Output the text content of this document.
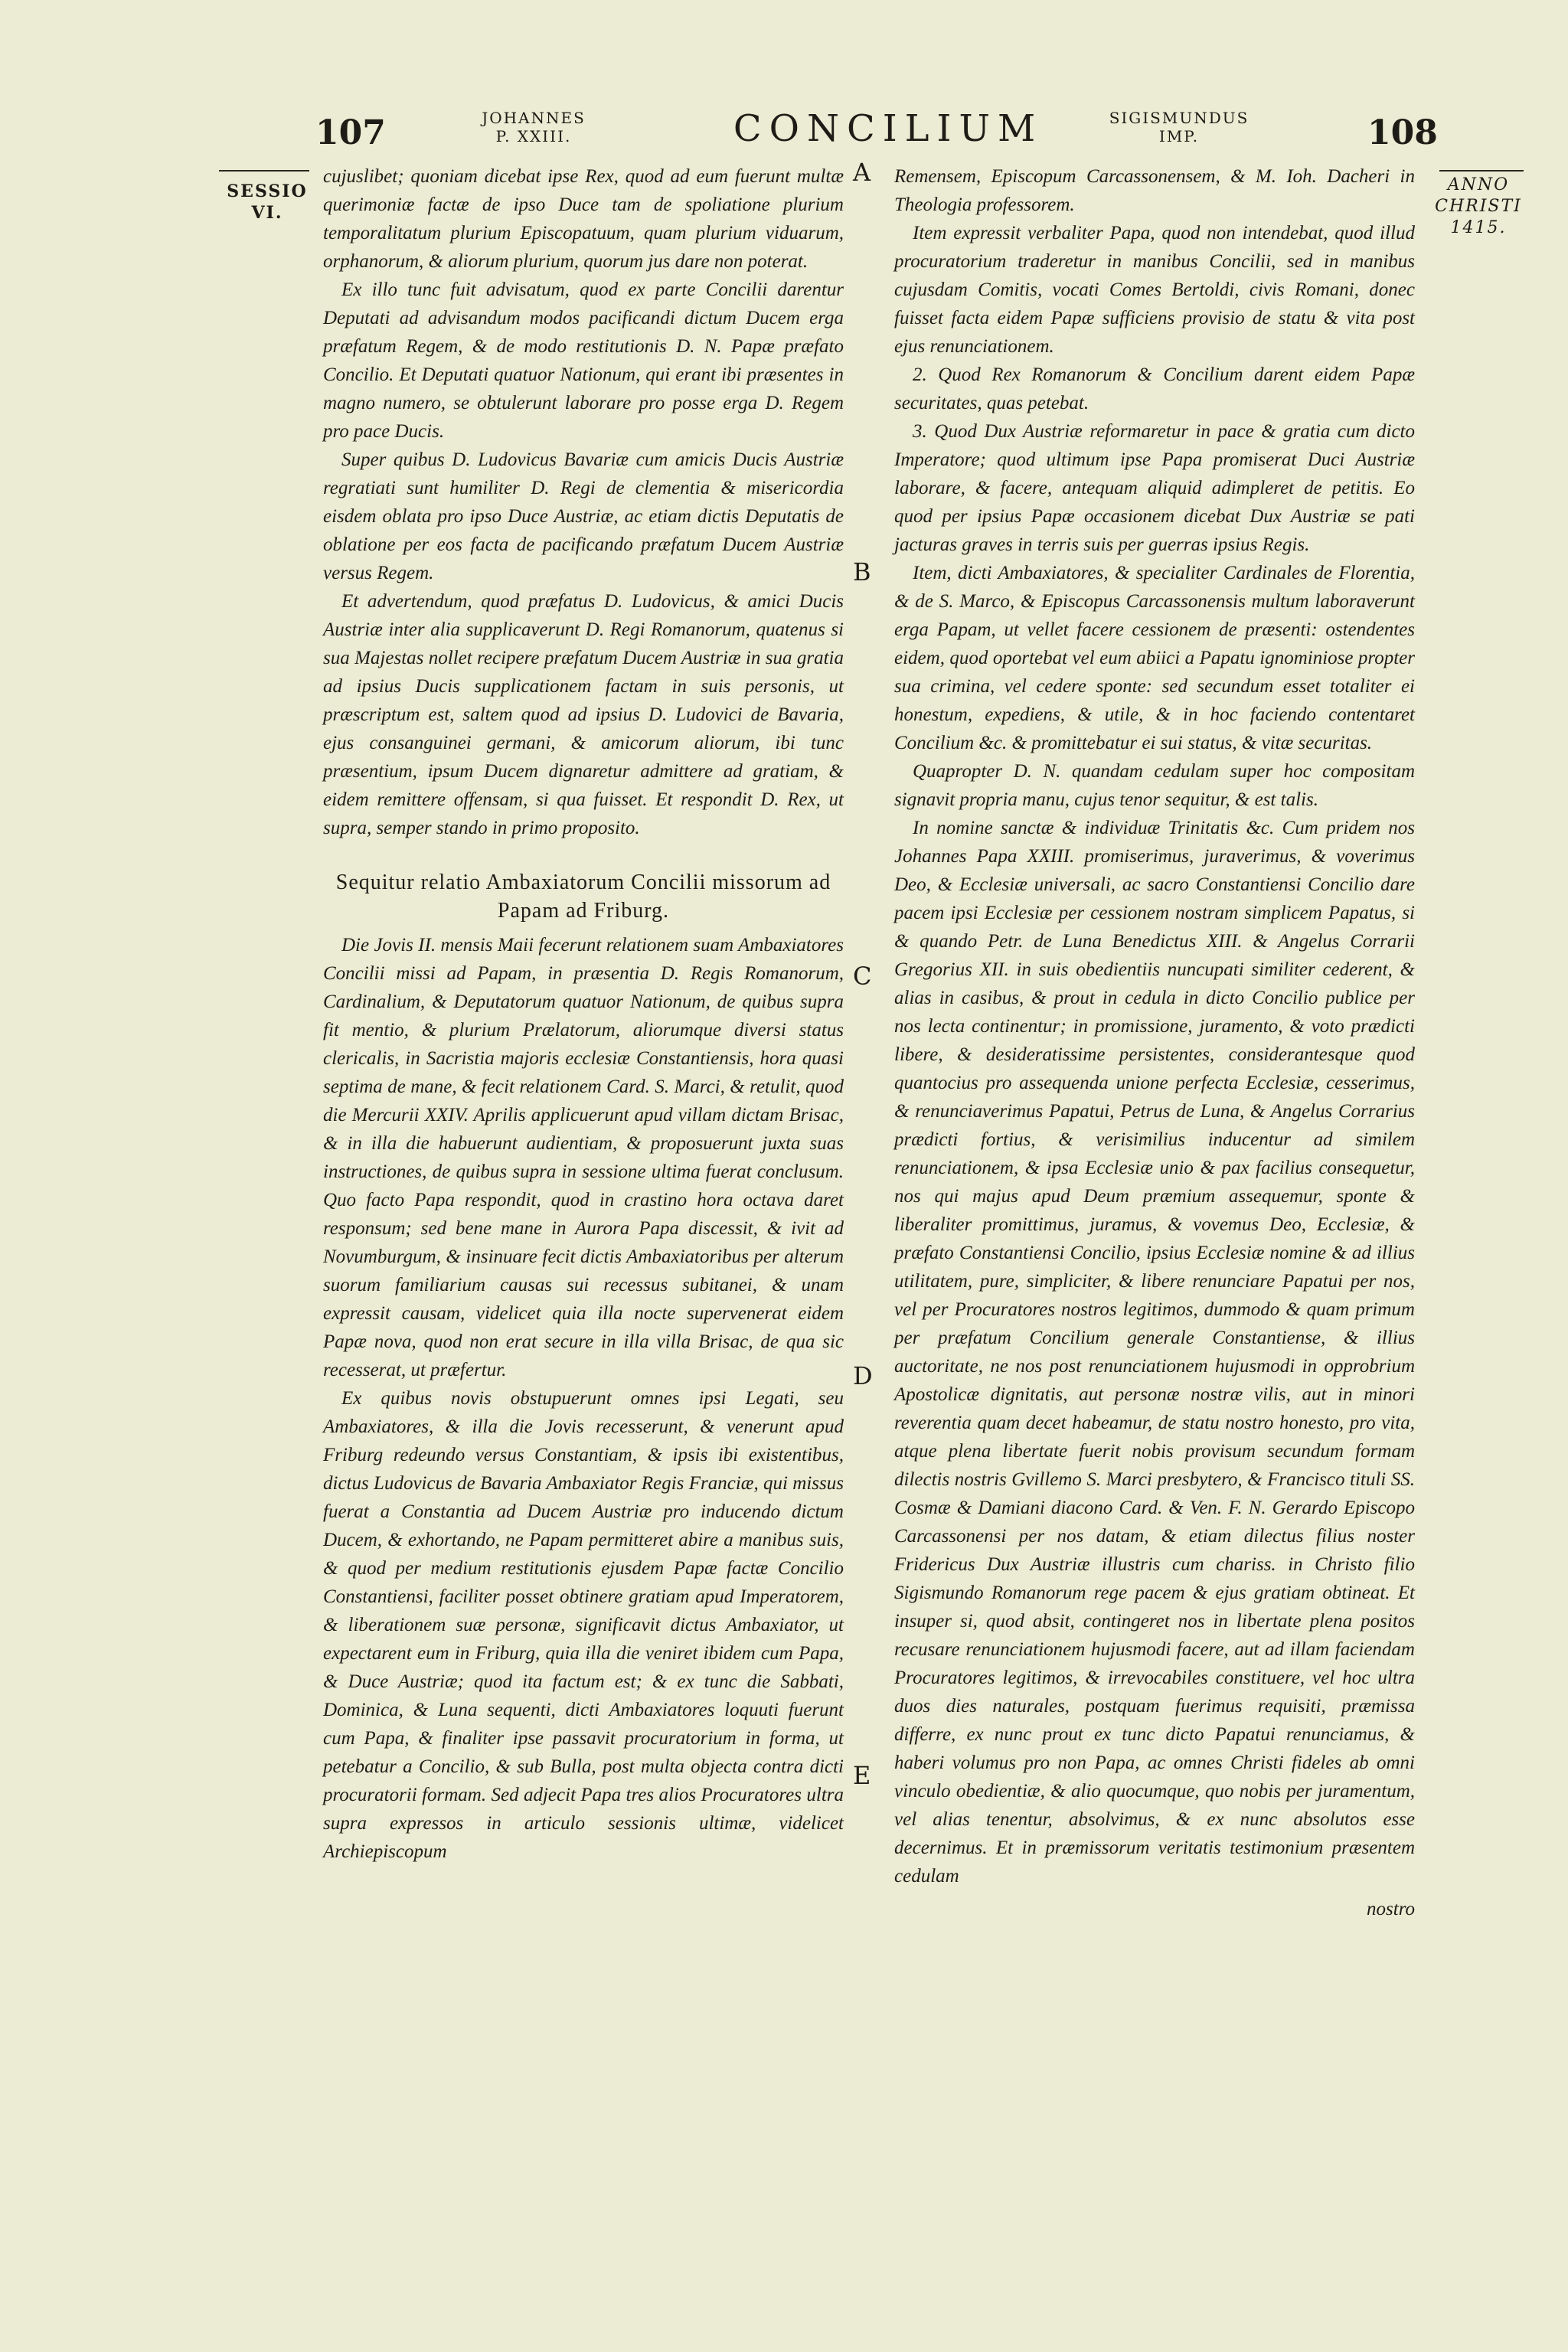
107	JOHANNES
P. XXIII.	CONCILIUM	SIGISMUNDUS
IMP.	108
SESSIO
VI.
ANNO
CHRISTI
1415.
A
B
C
D
E

cujuslibet; quoniam dicebat ipse Rex, quod ad eum fuerunt multæ querimoniæ factæ de ipso Duce tam de spoliatione plurium temporalitatum plurium Episcopatuum, quam plurium viduarum, orphanorum, & aliorum plurium, quorum jus dare non poterat.

Ex illo tunc fuit advisatum, quod ex parte Concilii darentur Deputati ad advisandum modos pacificandi dictum Ducem erga præfatum Regem, & de modo restitutionis D. N. Papæ præfato Concilio. Et Deputati quatuor Nationum, qui erant ibi præsentes in magno numero, se obtulerunt laborare pro posse erga D. Regem pro pace Ducis.

Super quibus D. Ludovicus Bavariæ cum amicis Ducis Austriæ regratiati sunt humiliter D. Regi de clementia & misericordia eisdem oblata pro ipso Duce Austriæ, ac etiam dictis Deputatis de oblatione per eos facta de pacificando præfatum Ducem Austriæ versus Regem.

Et advertendum, quod præfatus D. Ludovicus, & amici Ducis Austriæ inter alia supplicaverunt D. Regi Romanorum, quatenus si sua Majestas nollet recipere præfatum Ducem Austriæ in sua gratia ad ipsius Ducis supplicationem factam in suis personis, ut præscriptum est, saltem quod ad ipsius D. Ludovici de Bavaria, ejus consanguinei germani, & amicorum aliorum, ibi tunc præsentium, ipsum Ducem dignaretur admittere ad gratiam, & eidem remittere offensam, si qua fuisset. Et respondit D. Rex, ut supra, semper stando in primo proposito.

Sequitur relatio Ambaxiatorum Concilii missorum ad Papam ad Friburg.

Die Jovis II. mensis Maii fecerunt relationem suam Ambaxiatores Concilii missi ad Papam, in præsentia D. Regis Romanorum, Cardinalium, & Deputatorum quatuor Nationum, de quibus supra fit mentio, & plurium Prælatorum, aliorumque diversi status clericalis, in Sacristia majoris ecclesiæ Constantiensis, hora quasi septima de mane, & fecit relationem Card. S. Marci, & retulit, quod die Mercurii XXIV. Aprilis applicuerunt apud villam dictam Brisac, & in illa die habuerunt audientiam, & proposuerunt juxta suas instructiones, de quibus supra in sessione ultima fuerat conclusum. Quo facto Papa respondit, quod in crastino hora octava daret responsum; sed bene mane in Aurora Papa discessit, & ivit ad Novumburgum, & insinuare fecit dictis Ambaxiatoribus per alterum suorum familiarium causas sui recessus subitanei, & unam expressit causam, videlicet quia illa nocte supervenerat eidem Papæ nova, quod non erat secure in illa villa Brisac, de qua sic recesserat, ut præfertur.

Ex quibus novis obstupuerunt omnes ipsi Legati, seu Ambaxiatores, & illa die Jovis recesserunt, & venerunt apud Friburg redeundo versus Constantiam, & ipsis ibi existentibus, dictus Ludovicus de Bavaria Ambaxiator Regis Franciæ, qui missus fuerat a Constantia ad Ducem Austriæ pro inducendo dictum Ducem, & exhortando, ne Papam permitteret abire a manibus suis, & quod per medium restitutionis ejusdem Papæ factæ Concilio Constantiensi, faciliter posset obtinere gratiam apud Imperatorem, & liberationem suæ personæ, significavit dictus Ambaxiator, ut expectarent eum in Friburg, quia illa die veniret ibidem cum Papa, & Duce Austriæ; quod ita factum est; & ex tunc die Sabbati, Dominica, & Luna sequenti, dicti Ambaxiatores loquuti fuerunt cum Papa, & finaliter ipse passavit procuratorium in forma, ut petebatur a Concilio, & sub Bulla, post multa objecta contra dicti procuratorii formam. Sed adjecit Papa tres alios Procuratores ultra supra expressos in articulo sessionis ultimæ, videlicet Archiepiscopum

Remensem, Episcopum Carcassonensem, & M. Ioh. Dacheri in Theologia professorem.

Item expressit verbaliter Papa, quod non intendebat, quod illud procuratorium traderetur in manibus Concilii, sed in manibus cujusdam Comitis, vocati Comes Bertoldi, civis Romani, donec fuisset facta eidem Papæ sufficiens provisio de statu & vita post ejus renunciationem.

2. Quod Rex Romanorum & Concilium darent eidem Papæ securitates, quas petebat.

3. Quod Dux Austriæ reformaretur in pace & gratia cum dicto Imperatore; quod ultimum ipse Papa promiserat Duci Austriæ laborare, & facere, antequam aliquid adimpleret de petitis. Eo quod per ipsius Papæ occasionem dicebat Dux Austriæ se pati jacturas graves in terris suis per guerras ipsius Regis.

Item, dicti Ambaxiatores, & specialiter Cardinales de Florentia, & de S. Marco, & Episcopus Carcassonensis multum laboraverunt erga Papam, ut vellet facere cessionem de præsenti: ostendentes eidem, quod oportebat vel eum abiici a Papatu ignominiose propter sua crimina, vel cedere sponte: sed secundum esset totaliter ei honestum, expediens, & utile, & in hoc faciendo contentaret Concilium &c. & promittebatur ei sui status, & vitæ securitas.

Quapropter D. N. quandam cedulam super hoc compositam signavit propria manu, cujus tenor sequitur, & est talis.

In nomine sanctæ & individuæ Trinitatis &c. Cum pridem nos Johannes Papa XXIII. promiserimus, juraverimus, & voverimus Deo, & Ecclesiæ universali, ac sacro Constantiensi Concilio dare pacem ipsi Ecclesiæ per cessionem nostram simplicem Papatus, si & quando Petr. de Luna Benedictus XIII. & Angelus Corrarii Gregorius XII. in suis obedientiis nuncupati similiter cederent, & alias in casibus, & prout in cedula in dicto Concilio publice per nos lecta continentur; in promissione, juramento, & voto prædicti libere, & desideratissime persistentes, considerantesque quod quantocius pro assequenda unione perfecta Ecclesiæ, cesserimus, & renunciaverimus Papatui, Petrus de Luna, & Angelus Corrarius prædicti fortius, & verisimilius inducentur ad similem renunciationem, & ipsa Ecclesiæ unio & pax facilius consequetur, nos qui majus apud Deum præmium assequemur, sponte & liberaliter promittimus, juramus, & vovemus Deo, Ecclesiæ, & præfato Constantiensi Concilio, ipsius Ecclesiæ nomine & ad illius utilitatem, pure, simpliciter, & libere renunciare Papatui per nos, vel per Procuratores nostros legitimos, dummodo & quam primum per præfatum Concilium generale Constantiense, & illius auctoritate, ne nos post renunciationem hujusmodi in opprobrium Apostolicæ dignitatis, aut personæ nostræ vilis, aut in minori reverentia quam decet habeamur, de statu nostro honesto, pro vita, atque plena libertate fuerit nobis provisum secundum formam dilectis nostris Gvillemo S. Marci presbytero, & Francisco tituli SS. Cosmæ & Damiani diacono Card. & Ven. F. N. Gerardo Episcopo Carcassonensi per nos datam, & etiam dilectus filius noster Fridericus Dux Austriæ illustris cum chariss. in Christo filio Sigismundo Romanorum rege pacem & ejus gratiam obtineat. Et insuper si, quod absit, contingeret nos in libertate plena positos recusare renunciationem hujusmodi facere, aut ad illam faciendam Procuratores legitimos, & irrevocabiles constituere, vel hoc ultra duos dies naturales, postquam fuerimus requisiti, præmissa differre, ex nunc prout ex tunc dicto Papatui renunciamus, & haberi volumus pro non Papa, ac omnes Christi fideles ab omni vinculo obedientiæ, & alio quocumque, quo nobis per juramentum, vel alias tenentur, absolvimus, & ex nunc absolutos esse decernimus. Et in præmissorum veritatis testimonium præsentem cedulam

nostro
